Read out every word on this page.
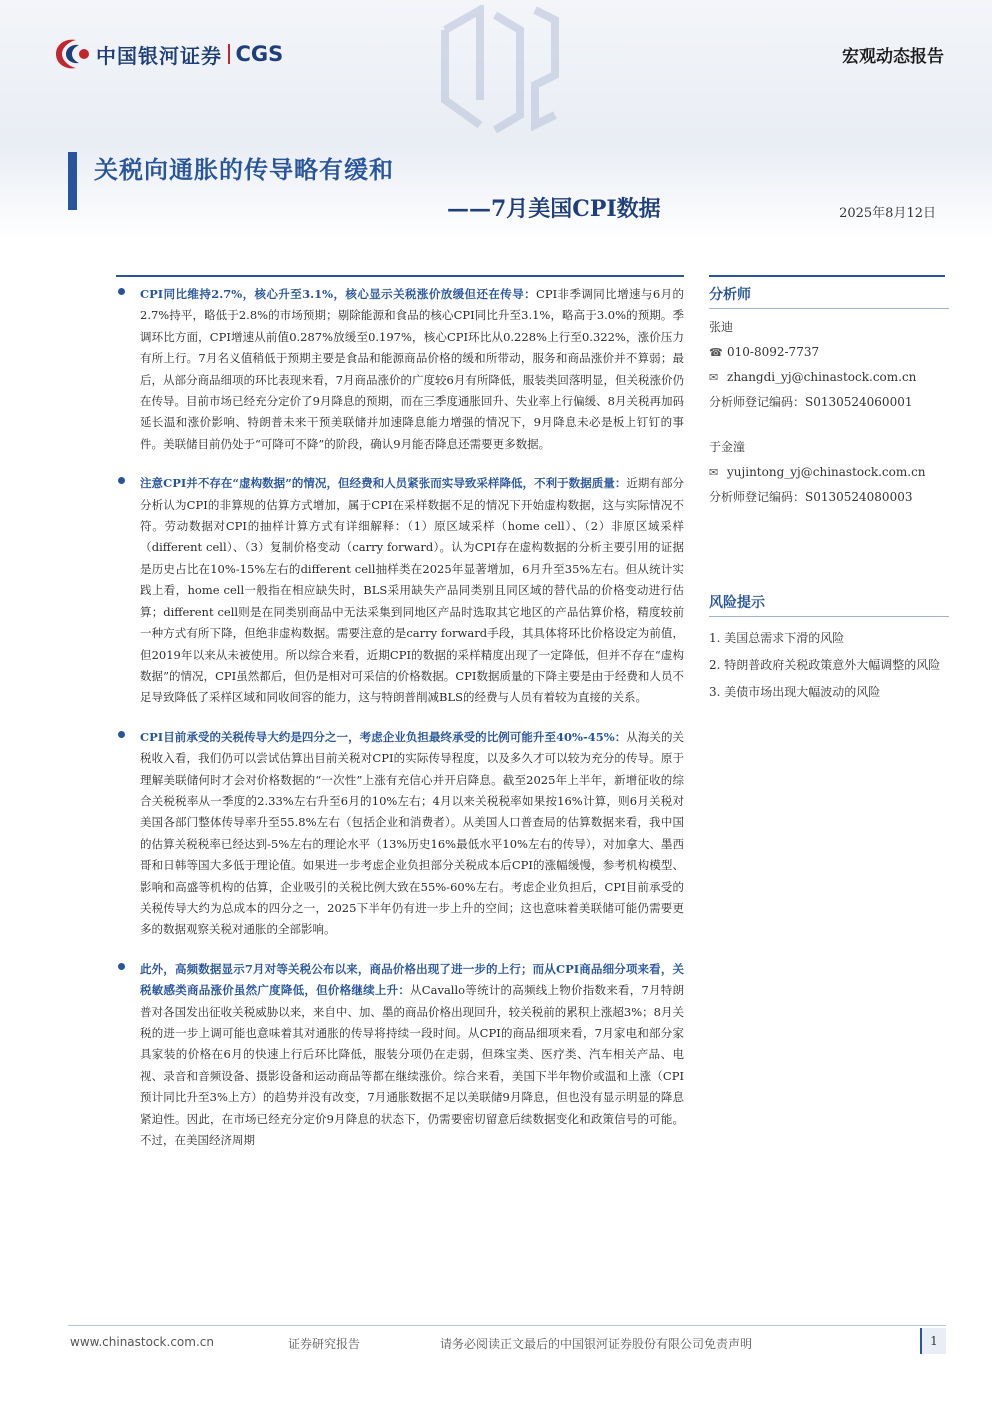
中国银河证券 CGS	宏观动态报告
关税向通胀的传导略有缓和
——7月美国CPI数据	2025年8月12日

CPI同比维持2.7%，核心升至3.1%，核心显示关税涨价放缓但还在传导：CPI非季调同比增速与6月的2.7%持平，略低于2.8%的市场预期；剔除能源和食品的核心CPI同比升至3.1%，略高于3.0%的预期。季调环比方面，CPI增速从前值0.287%放缓至0.197%，核心CPI环比从0.228%上行至0.322%，涨价压力有所上行。7月名义值稍低于预期主要是食品和能源商品价格的缓和所带动，服务和商品涨价并不算弱；最后，从部分商品细项的环比表现来看，7月商品涨价的广度较6月有所降低，服装类回落明显，但关税涨价仍在传导。目前市场已经充分定价了9月降息的预期，而在三季度通胀回升、失业率上行偏缓、8月关税再加码延长温和涨价影响、特朗普未来干预美联储并加速降息能力增强的情况下，9月降息未必是板上钉钉的事件。美联储目前仍处于“可降可不降”的阶段，确认9月能否降息还需要更多数据。

注意CPI并不存在“虚构数据”的情况，但经费和人员紧张而实导致采样降低，不利于数据质量：近期有部分分析认为CPI的非算规的估算方式增加，属于CPI在采样数据不足的情况下开始虚构数据，这与实际情况不符。劳动数据对CPI的抽样计算方式有详细解释：（1）原区域采样（home cell）、（2）非原区域采样（different cell）、（3）复制价格变动（carry forward）。认为CPI存在虚构数据的分析主要引用的证据是历史占比在10%-15%左右的different cell抽样类在2025年显著增加，6月升至35%左右。但从统计实践上看，home cell一般指在相应缺失时，BLS采用缺失产品同类别且同区域的替代品的价格变动进行估算；different cell则是在同类别商品中无法采集到同地区产品时选取其它地区的产品估算价格，精度较前一种方式有所下降，但绝非虚构数据。需要注意的是carry forward手段，其具体将环比价格设定为前值，但2019年以来从未被使用。所以综合来看，近期CPI的数据的采样精度出现了一定降低，但并不存在“虚构数据”的情况，CPI虽然都后，但仍是相对可采信的价格数据。CPI数据质量的下降主要是由于经费和人员不足导致降低了采样区域和同收间容的能力，这与特朗普削减BLS的经费与人员有着较为直接的关系。

CPI目前承受的关税传导大约是四分之一，考虑企业负担最终承受的比例可能升至40%-45%：从海关的关税收入看，我们仍可以尝试估算出目前关税对CPI的实际传导程度，以及多久才可以较为充分的传导。原于理解美联储何时才会对价格数据的“一次性”上涨有充信心并开启降息。截至2025年上半年，新增征收的综合关税税率从一季度的2.33%左右升至6月的10%左右；4月以来关税税率如果按16%计算，则6月关税对美国各部门整体传导率升至55.8%左右（包括企业和消费者）。从美国人口普查局的估算数据来看，我中国的估算关税税率已经达到-5%左右的理论水平（13%历史16%最低水平10%左右的传导），对加拿大、墨西哥和日韩等国大多低于理论值。如果进一步考虑企业负担部分关税成本后CPI的涨幅缓慢，参考机构模型、影响和高盛等机构的估算，企业吸引的关税比例大致在55%-60%左右。考虑企业负担后，CPI目前承受的关税传导大约为总成本的四分之一，2025下半年仍有进一步上升的空间；这也意味着美联储可能仍需要更多的数据观察关税对通胀的全部影响。

此外，高频数据显示7月对等关税公布以来，商品价格出现了进一步的上行；而从CPI商品细分项来看，关税敏感类商品涨价虽然广度降低，但价格继续上升：从Cavallo等统计的高频线上物价指数来看，7月特朗普对各国发出征收关税威胁以来，来自中、加、墨的商品价格出现回升，较关税前的累积上涨超3%；8月关税的进一步上调可能也意味着其对通胀的传导将持续一段时间。从CPI的商品细项来看，7月家电和部分家具家装的价格在6月的快速上行后环比降低，服装分项仍在走弱，但珠宝类、医疗类、汽车相关产品、电视、录音和音频设备、摄影设备和运动商品等都在继续涨价。综合来看，美国下半年物价或温和上涨（CPI预计同比升至3%上方）的趋势并没有改变，7月通胀数据不足以美联储9月降息，但也没有显示明显的降息紧迫性。因此，在市场已经充分定价9月降息的状态下，仍需要密切留意后续数据变化和政策信号的可能。不过，在美国经济周期

分析师
张迪
☎ 010-8092-7737
✉ zhangdi_yj@chinastock.com.cn
分析师登记编码：S0130524060001
于金潼
✉ yujintong_yj@chinastock.com.cn
分析师登记编码：S0130524080003
风险提示
1. 美国总需求下滑的风险
2. 特朗普政府关税政策意外大幅调整的风险
3. 美债市场出现大幅波动的风险
www.chinastock.com.cn	证券研究报告	请务必阅读正文最后的中国银河证券股份有限公司免责声明	1
